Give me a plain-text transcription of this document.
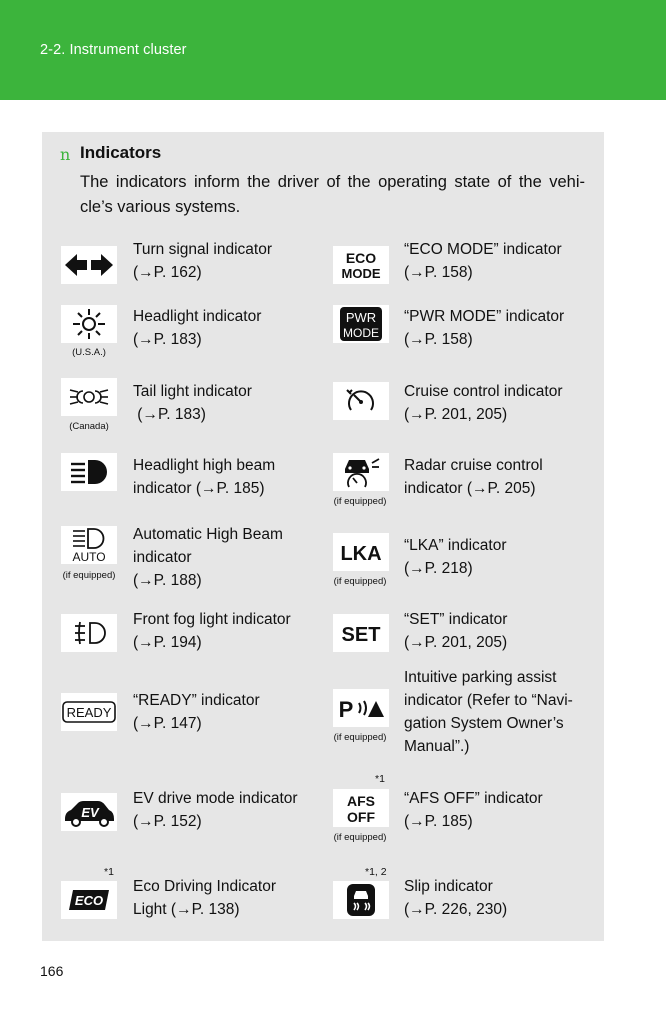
2-2. Instrument cluster
n Indicators
The indicators inform the driver of the operating state of the vehi-cle’s various systems.
Turn signal indicator
(→P. 162)
(U.S.A.)
Headlight indicator
(→P. 183)
(Canada)
Tail light indicator
(→P. 183)
Headlight high beam
indicator (→P. 185)
AUTO
(if equipped)
Automatic High Beam
indicator
(→P. 188)
Front fog light indicator
(→P. 194)
READY
“READY” indicator
(→P. 147)
EV
EV drive mode indicator
(→P. 152)
*1
ECO
Eco Driving Indicator
Light (→P. 138)
ECO
MODE
“ECO MODE” indicator
(→P. 158)
PWR
MODE
“PWR MODE” indicator
(→P. 158)
Cruise control indicator
(→P. 201, 205)
(if equipped)
Radar cruise control
indicator (→P. 205)
LKA
(if equipped)
“LKA” indicator
(→P. 218)
SET
“SET” indicator
(→P. 201, 205)
P
(if equipped)
Intuitive parking assist
indicator (Refer to “Navi-
gation System Owner’s
Manual”.)
*1
AFS
OFF
(if equipped)
“AFS OFF” indicator
(→P. 185)
*1, 2
Slip indicator
(→P. 226, 230)
166
